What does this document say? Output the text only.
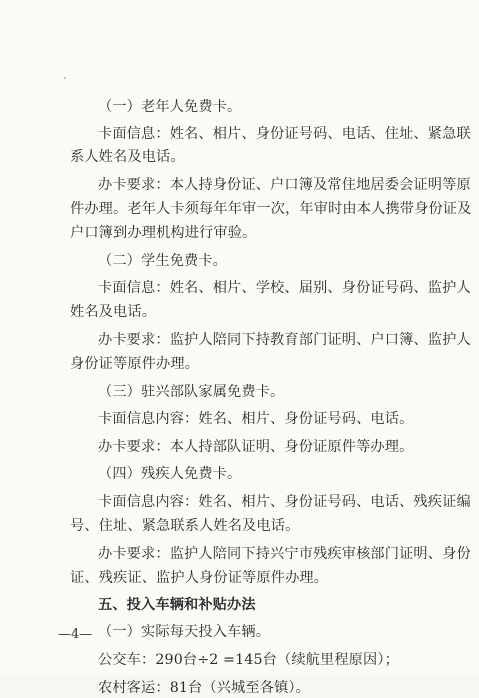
（一）老年人免费卡。
卡面信息：姓名、相片、身份证号码、电话、住址、紧急联
系人姓名及电话。
办卡要求：本人持身份证、户口簿及常住地居委会证明等原
件办理。老年人卡须每年年审一次，年审时由本人携带身份证及
户口簿到办理机构进行审验。
（二）学生免费卡。
卡面信息：姓名、相片、学校、届别、身份证号码、监护人
姓名及电话。
办卡要求：监护人陪同下持教育部门证明、户口簿、监护人
身份证等原件办理。
（三）驻兴部队家属免费卡。
卡面信息内容：姓名、相片、身份证号码、电话。
办卡要求：本人持部队证明、身份证原件等办理。
（四）残疾人免费卡。
卡面信息内容：姓名、相片、身份证号码、电话、残疾证编
号、住址、紧急联系人姓名及电话。
办卡要求：监护人陪同下持兴宁市残疾审核部门证明、身份
证、残疾证、监护人身份证等原件办理。
五、投入车辆和补贴办法
（一）实际每天投入车辆。
公交车：290台÷2 =145台（续航里程原因）；
农村客运：81台（兴城至各镇）。
—4—
